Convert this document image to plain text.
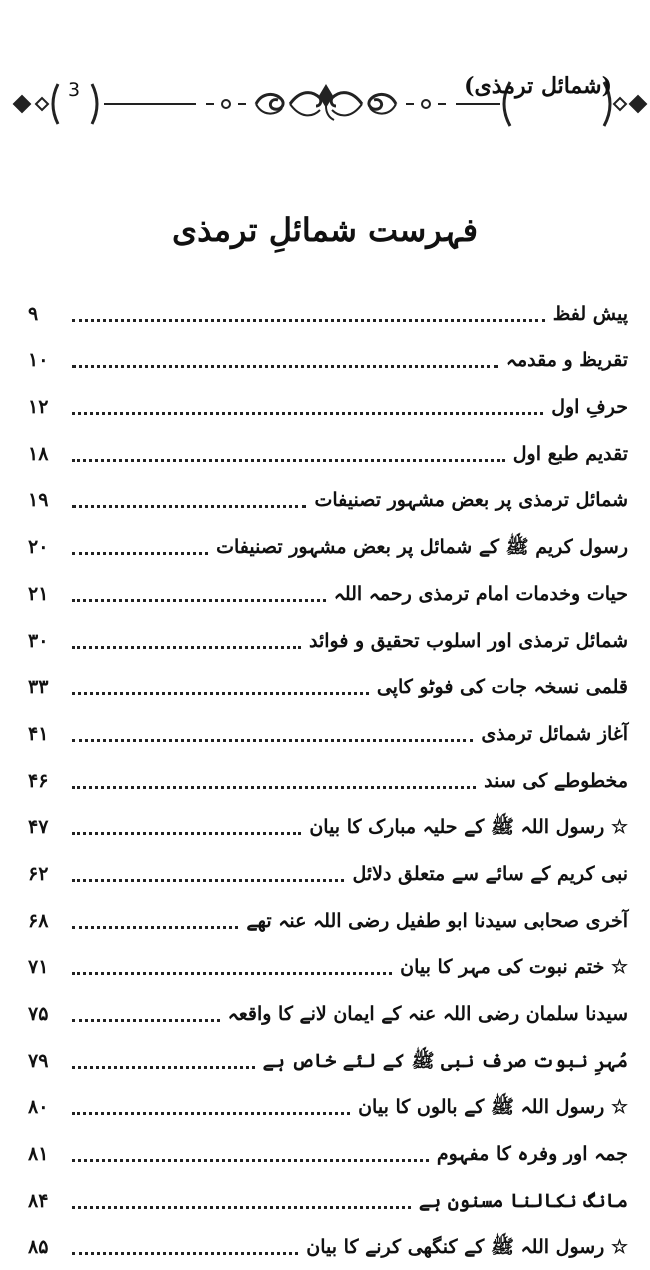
3	(شمائل ترمذی)
فہرست شمائلِ ترمذی
پیش لفظ
۹
تقریظ و مقدمہ
۱۰
حرفِ اول
۱۲
تقدیم طبع اول
۱۸
شمائل ترمذی پر بعض مشہور تصنیفات
۱۹
رسول کریم ﷺ کے شمائل پر بعض مشہور تصنیفات
۲۰
حیات وخدمات امام ترمذی رحمہ اللہ
۲۱
شمائل ترمذی اور اسلوب تحقیق و فوائد
۳۰
قلمی نسخہ جات کی فوٹو کاپی
۳۳
آغاز شمائل ترمذی
۴۱
مخطوطے کی سند
۴۶
☆ رسول اللہ ﷺ کے حلیہ مبارک کا بیان
۴۷
نبی کریم کے سائے سے متعلق دلائل
۶۲
آخری صحابی سیدنا ابو طفیل رضی اللہ عنہ تھے
۶۸
☆ ختم نبوت کی مہر کا بیان
۷۱
سیدنا سلمان رضی اللہ عنہ کے ایمان لانے کا واقعہ
۷۵
مُہرِ نبوت صرف نبی ﷺ کے لئے خاص ہے
۷۹
☆ رسول اللہ ﷺ کے بالوں کا بیان
۸۰
جمہ اور وفرہ کا مفہوم
۸۱
مانگ نکالنا مسنون ہے
۸۴
☆ رسول اللہ ﷺ کے کنگھی کرنے کا بیان
۸۵
